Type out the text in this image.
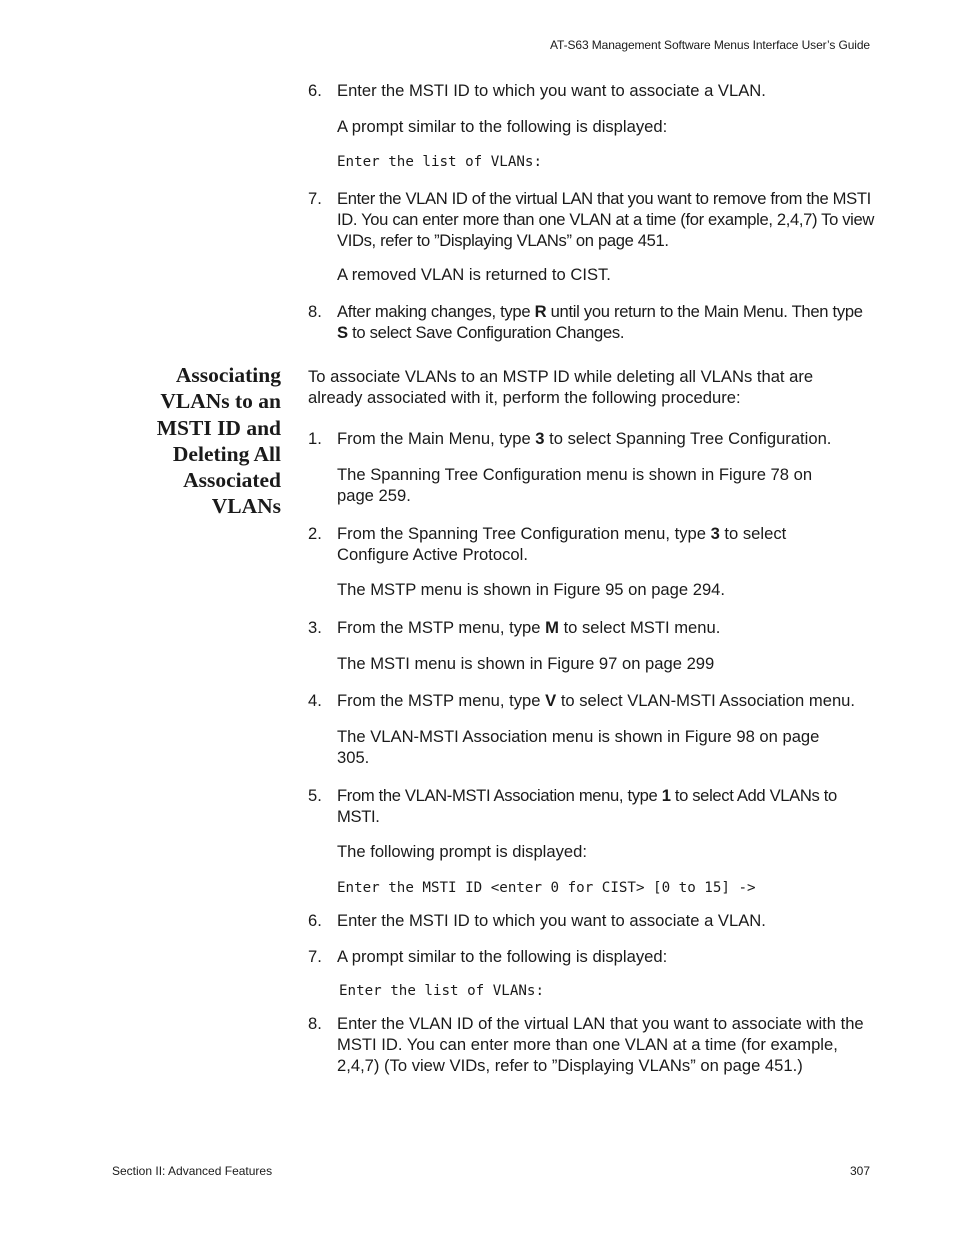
AT-S63 Management Software Menus Interface User’s Guide
6. Enter the MSTI ID to which you want to associate a VLAN.
A prompt similar to the following is displayed:
Enter the list of VLANs:
7. Enter the VLAN ID of the virtual LAN that you want to remove from the MSTI ID. You can enter more than one VLAN at a time (for example, 2,4,7) To view VIDs, refer to ”Displaying VLANs” on page 451.
A removed VLAN is returned to CIST.
8. After making changes, type R until you return to the Main Menu. Then type S to select Save Configuration Changes.
Associating VLANs to an MSTI ID and Deleting All Associated VLANs
To associate VLANs to an MSTP ID while deleting all VLANs that are already associated with it, perform the following procedure:
1. From the Main Menu, type 3 to select Spanning Tree Configuration.
The Spanning Tree Configuration menu is shown in Figure 78 on page 259.
2. From the Spanning Tree Configuration menu, type 3 to select Configure Active Protocol.
The MSTP menu is shown in Figure 95 on page 294.
3. From the MSTP menu, type M to select MSTI menu.
The MSTI menu is shown in Figure 97 on page 299
4. From the MSTP menu, type V to select VLAN-MSTI Association menu.
The VLAN-MSTI Association menu is shown in Figure 98 on page 305.
5. From the VLAN-MSTI Association menu, type 1 to select Add VLANs to MSTI.
The following prompt is displayed:
Enter the MSTI ID <enter 0 for CIST> [0 to 15] ->
6. Enter the MSTI ID to which you want to associate a VLAN.
7. A prompt similar to the following is displayed:
Enter the list of VLANs:
8. Enter the VLAN ID of the virtual LAN that you want to associate with the MSTI ID. You can enter more than one VLAN at a time (for example, 2,4,7) (To view VIDs, refer to ”Displaying VLANs” on page 451.)
Section II: Advanced Features	307
